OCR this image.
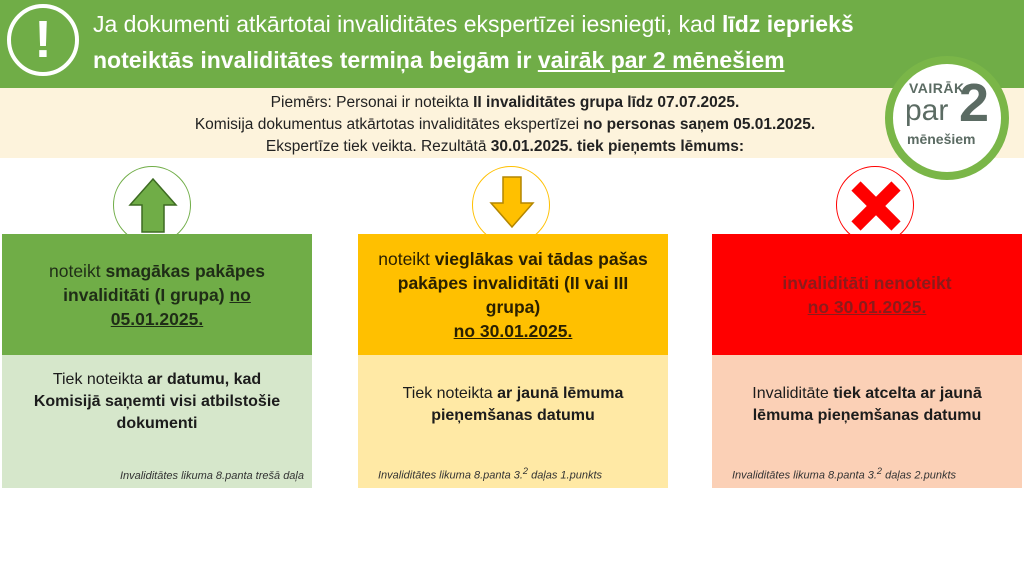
!	Ja dokumenti atkārtotai invaliditātes ekspertīzei iesniegti, kad līdz iepriekš noteiktās invaliditātes termiņa beigām ir vairāk par 2 mēnešiem
Piemērs: Personai ir noteikta II invaliditātes grupa līdz 07.07.2025.
Komisija dokumentus atkārtotas invaliditātes ekspertīzei no personas saņem 05.01.2025.
Ekspertīze tiek veikta. Rezultātā 30.01.2025. tiek pieņemts lēmums:
VAIRĀK
par 2
mēnešiem
noteikt smagākas pakāpes invaliditāti (I grupa) no 05.01.2025.
Tiek noteikta ar datumu, kad Komisijā saņemti visi atbilstošie dokumenti
Invaliditātes likuma 8.panta trešā daļa
noteikt vieglākas vai tādas pašas pakāpes invaliditāti (II vai III grupa)
no 30.01.2025.
Tiek noteikta ar jaunā lēmuma pieņemšanas datumu
Invaliditātes likuma 8.panta 3.$^2$ daļas 1.punkts
invaliditāti nenoteikt
no 30.01.2025.
Invaliditāte tiek atcelta ar jaunā lēmuma pieņemšanas datumu
Invaliditātes likuma 8.panta 3.$^2$ daļas 2.punkts
